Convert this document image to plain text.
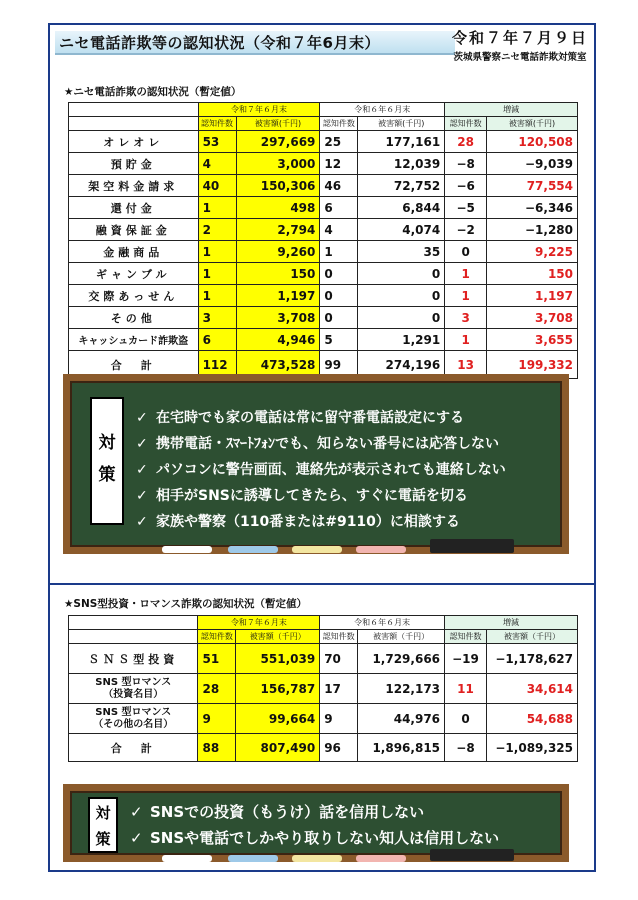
ニセ電話詐欺等の認知状況（令和７年6月末）	令和７年７月９日
茨城県警察ニセ電話詐欺対策室
★ニセ電話詐欺の認知状況（暫定値）
	令和７年６月末		令和６年６月末		増減	
	認知件数	被害額(千円)	認知件数	被害額(千円)	認知件数	被害額(千円)
オレオレ	53	297,669	25	177,161	28	120,508
預貯金	4	3,000	12	12,039	−8	−9,039
架空料金請求	40	150,306	46	72,752	−6	77,554
還付金	1	498	6	6,844	−5	−6,346
融資保証金	2	2,794	4	4,074	−2	−1,280
金融商品	1	9,260	1	35	0	9,225
ギャンブル	1	150	0	0	1	150
交際あっせん	1	1,197	0	0	1	1,197
その他	3	3,708	0	0	3	3,708
キャッシュカード詐欺盗	6	4,946	5	1,291	1	3,655
合　計	112	473,528	99	274,196	13	199,332
対策
✓ 在宅時でも家の電話は常に留守番電話設定にする
✓ 携帯電話・ｽﾏｰﾄﾌｫﾝでも、知らない番号には応答しない
✓ パソコンに警告画面、連絡先が表示されても連絡しない
✓ 相手がSNSに誘導してきたら、すぐに電話を切る
✓ 家族や警察（110番または#9110）に相談する
★SNS型投資・ロマンス詐欺の認知状況（暫定値）
	令和７年６月末		令和６年６月末		増減	
	認知件数	被害額（千円）	認知件数	被害額（千円）	認知件数	被害額（千円）
ＳＮＳ型投資	51	551,039	70	1,729,666	−19	−1,178,627
SNS 型ロマンス
（投資名目）	28	156,787	17	122,173	11	34,614
SNS 型ロマンス
（その他の名目）	9	99,664	9	44,976	0	54,688
合　計	88	807,490	96	1,896,815	−8	−1,089,325
対策
✓ SNSでの投資（もうけ）話を信用しない
✓ SNSや電話でしかやり取りしない知人は信用しない
